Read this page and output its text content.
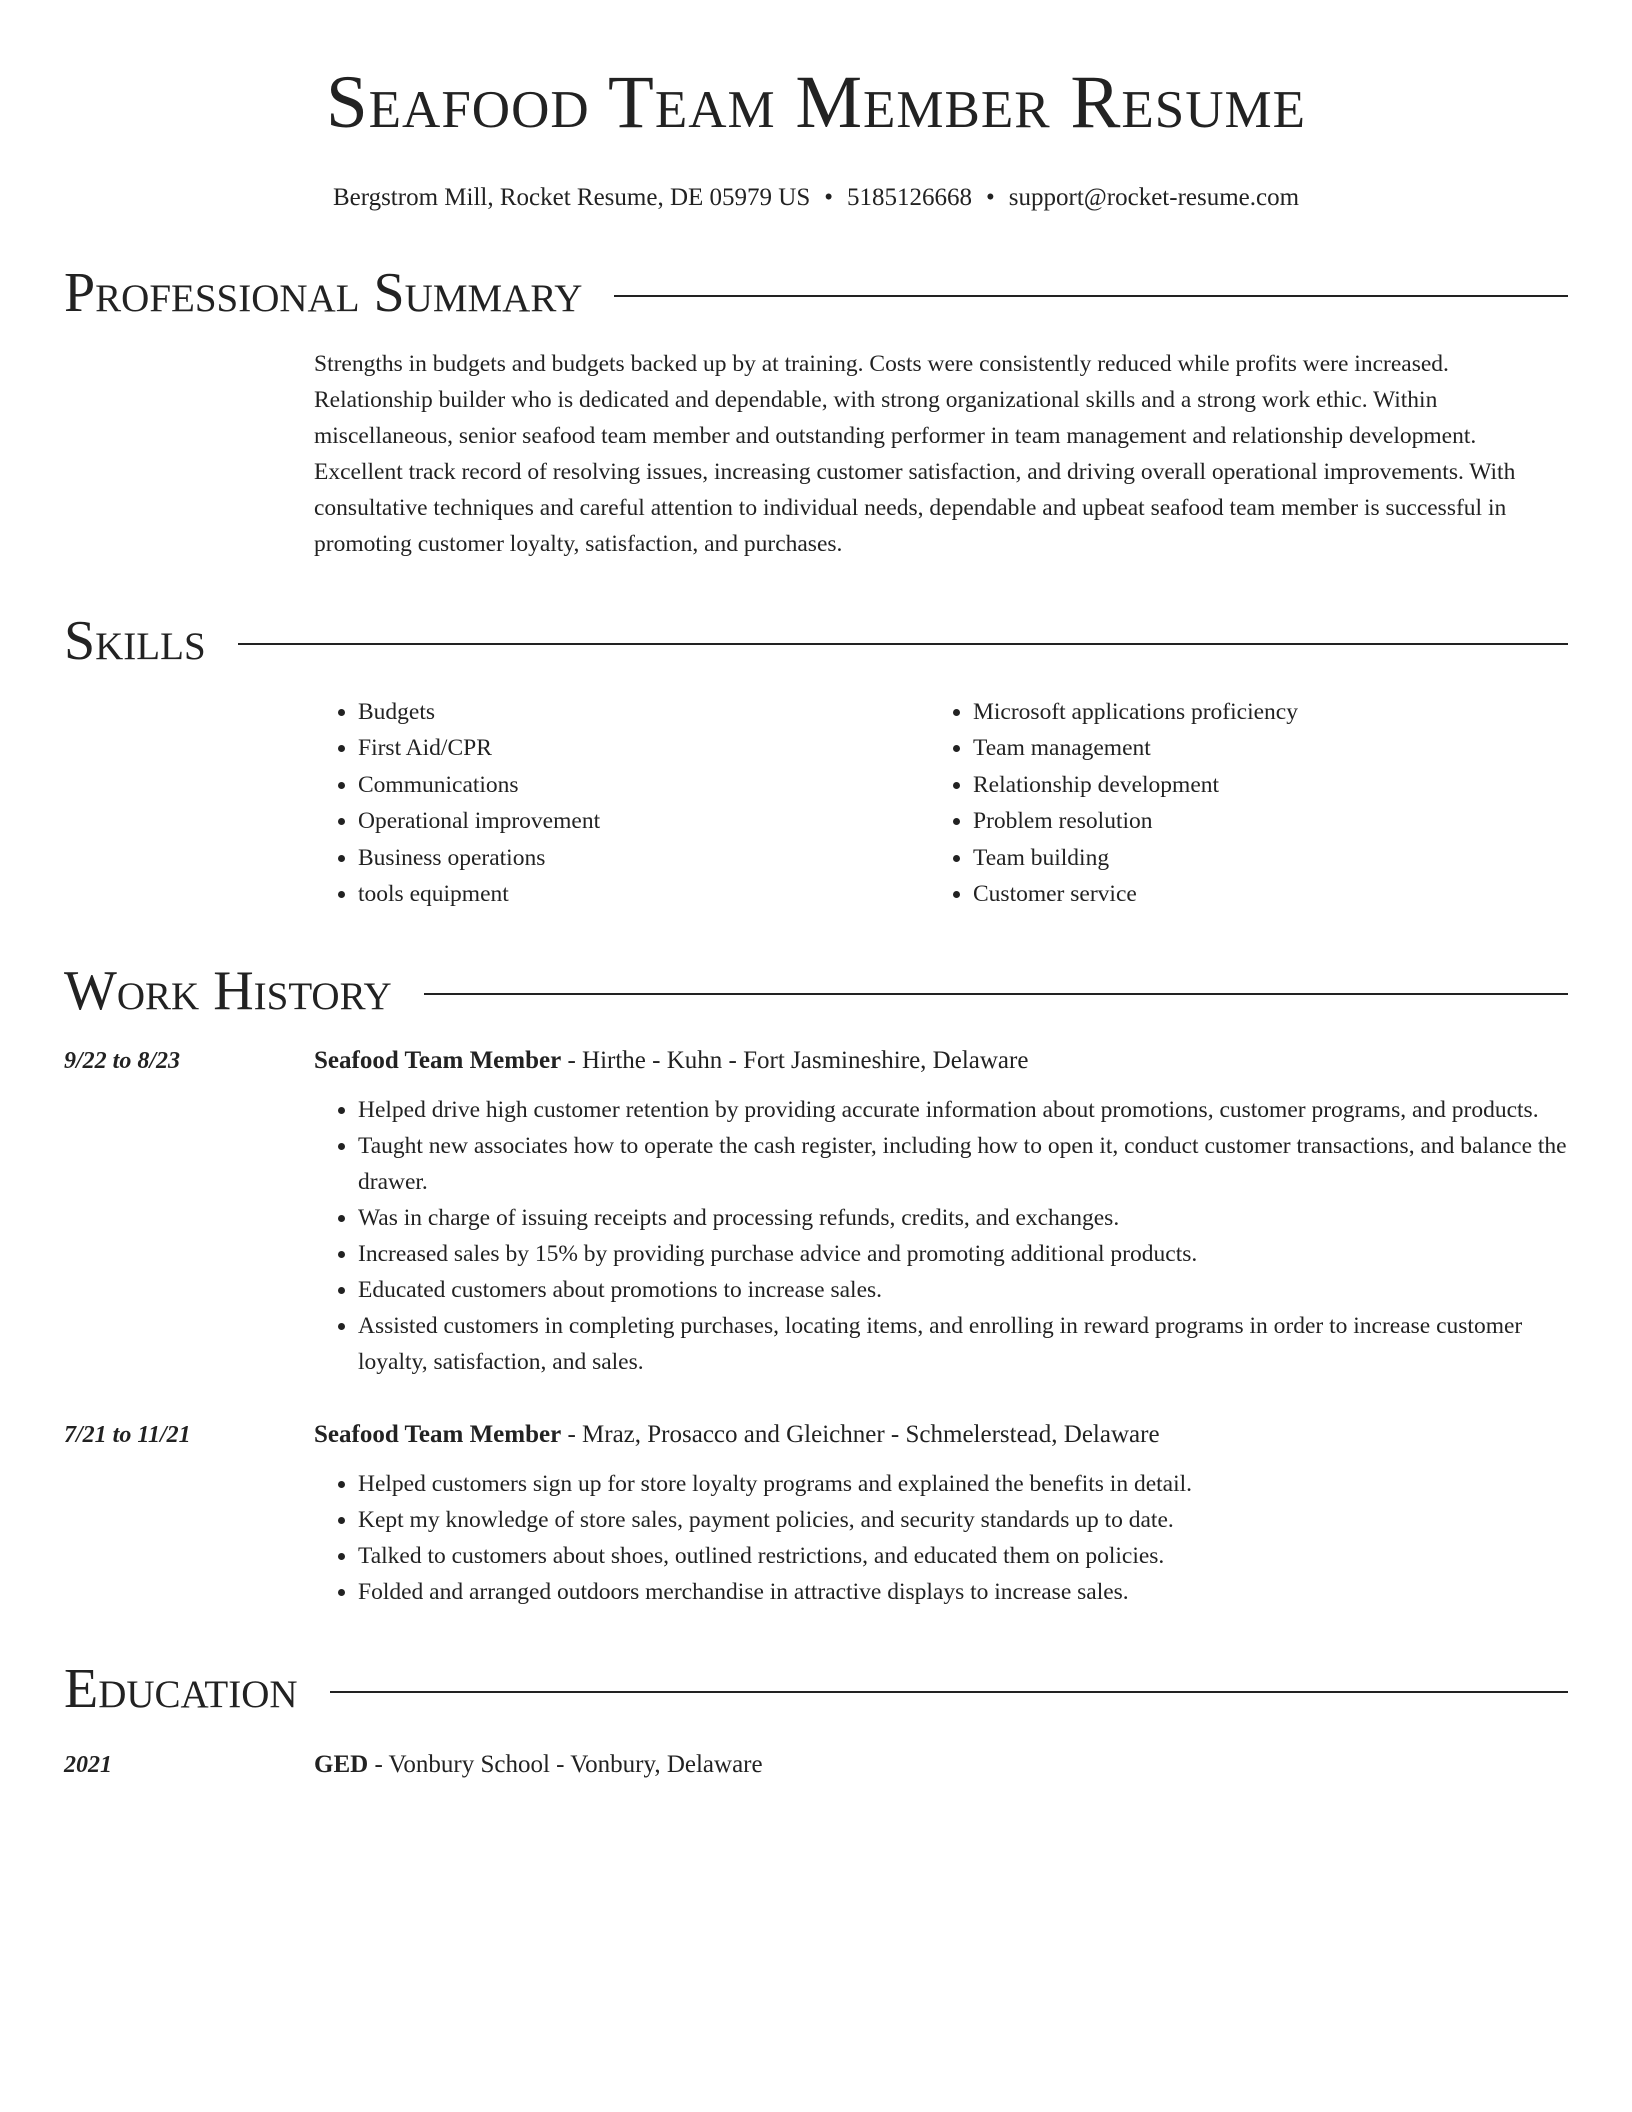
Seafood Team Member Resume
Bergstrom Mill, Rocket Resume, DE 05979 US • 5185126668 • support@rocket-resume.com
Professional Summary
Strengths in budgets and budgets backed up by at training. Costs were consistently reduced while profits were increased. Relationship builder who is dedicated and dependable, with strong organizational skills and a strong work ethic. Within miscellaneous, senior seafood team member and outstanding performer in team management and relationship development. Excellent track record of resolving issues, increasing customer satisfaction, and driving overall operational improvements. With consultative techniques and careful attention to individual needs, dependable and upbeat seafood team member is successful in promoting customer loyalty, satisfaction, and purchases.
Skills
• Budgets
• First Aid/CPR
• Communications
• Operational improvement
• Business operations
• tools equipment
• Microsoft applications proficiency
• Team management
• Relationship development
• Problem resolution
• Team building
• Customer service
Work History
9/22 to 8/23	Seafood Team Member - Hirthe - Kuhn - Fort Jasmineshire, Delaware
• Helped drive high customer retention by providing accurate information about promotions, customer programs, and products.
• Taught new associates how to operate the cash register, including how to open it, conduct customer transactions, and balance the drawer.
• Was in charge of issuing receipts and processing refunds, credits, and exchanges.
• Increased sales by 15% by providing purchase advice and promoting additional products.
• Educated customers about promotions to increase sales.
• Assisted customers in completing purchases, locating items, and enrolling in reward programs in order to increase customer loyalty, satisfaction, and sales.
7/21 to 11/21	Seafood Team Member - Mraz, Prosacco and Gleichner - Schmelerstead, Delaware
• Helped customers sign up for store loyalty programs and explained the benefits in detail.
• Kept my knowledge of store sales, payment policies, and security standards up to date.
• Talked to customers about shoes, outlined restrictions, and educated them on policies.
• Folded and arranged outdoors merchandise in attractive displays to increase sales.
Education
2021	GED - Vonbury School - Vonbury, Delaware
